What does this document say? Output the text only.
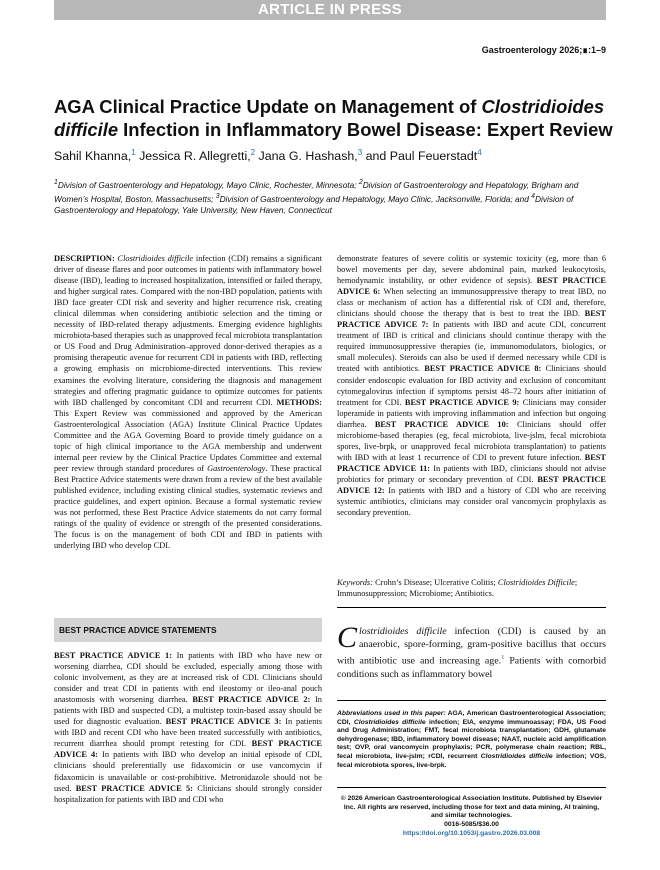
ARTICLE IN PRESS
Gastroenterology 2026;∎:1–9
AGA Clinical Practice Update on Management of Clostridioides
difficile Infection in Inflammatory Bowel Disease: Expert Review
Sahil Khanna,$^1$ Jessica R. Allegretti,$^2$ Jana G. Hashash,$^3$ and Paul Feuerstadt$^4$

$^1$Division of Gastroenterology and Hepatology, Mayo Clinic, Rochester, Minnesota; $^2$Division of Gastroenterology and Hepatology, Brigham and Women’s Hospital, Boston, Massachusetts; $^3$Division of Gastroenterology and Hepatology, Mayo Clinic, Jacksonville, Florida; and $^4$Division of Gastroenterology and Hepatology, Yale University, New Haven, Connecticut

DESCRIPTION: Clostridioides difficile infection (CDI) remains a significant driver of disease flares and poor outcomes in patients with inflammatory bowel disease (IBD), leading to increased hospitalization, intensified or failed therapy, and higher surgical rates. Compared with the non-IBD population, patients with IBD face greater CDI risk and severity and higher recurrence risk, creating clinical dilemmas when considering antibiotic selection and the timing or necessity of IBD-related therapy adjustments. Emerging evidence highlights microbiota-based therapies such as unapproved fecal microbiota transplantation or US Food and Drug Administration–approved donor-derived therapies as a promising therapeutic avenue for recurrent CDI in patients with IBD, reflecting a growing emphasis on microbiome-directed interventions. This review examines the evolving literature, considering the diagnosis and management strategies and offering pragmatic guidance to optimize outcomes for patients with IBD challenged by concomitant CDI and recurrent CDI. METHODS: This Expert Review was commissioned and approved by the American Gastroenterological Association (AGA) Institute Clinical Practice Updates Committee and the AGA Governing Board to provide timely guidance on a topic of high clinical importance to the AGA membership and underwent internal peer review by the Clinical Practice Updates Committee and external peer review through standard procedures of Gastroenterology. These practical Best Practice Advice statements were drawn from a review of the best available published evidence, including existing clinical studies, systematic reviews and practice guidelines, and expert opinion. Because a formal systematic review was not performed, these Best Practice Advice statements do not carry formal ratings of the quality of evidence or strength of the presented considerations. The focus is on the management of both CDI and IBD in patients with underlying IBD who develop CDI.

BEST PRACTICE ADVICE STATEMENTS

BEST PRACTICE ADVICE 1: In patients with IBD who have new or worsening diarrhea, CDI should be excluded, especially among those with colonic involvement, as they are at increased risk of CDI. Clinicians should consider and treat CDI in patients with end ileostomy or ileo-anal pouch anastomosis with worsening diarrhea. BEST PRACTICE ADVICE 2: In patients with IBD and suspected CDI, a multistep toxin-based assay should be used for diagnostic evaluation. BEST PRACTICE ADVICE 3: In patients with IBD and recent CDI who have been treated successfully with antibiotics, recurrent diarrhea should prompt retesting for CDI. BEST PRACTICE ADVICE 4: In patients with IBD who develop an initial episode of CDI, clinicians should preferentially use fidaxomicin or use vancomycin if fidaxomicin is unavailable or cost-prohibitive. Metronidazole should not be used. BEST PRACTICE ADVICE 5: Clinicians should strongly consider hospitalization for patients with IBD and CDI who

demonstrate features of severe colitis or systemic toxicity (eg, more than 6 bowel movements per day, severe abdominal pain, marked leukocytosis, hemodynamic instability, or other evidence of sepsis). BEST PRACTICE ADVICE 6: When selecting an immunosuppressive therapy to treat IBD, no class or mechanism of action has a differential risk of CDI and, therefore, clinicians should choose the therapy that is best to treat the IBD. BEST PRACTICE ADVICE 7: In patients with IBD and acute CDI, concurrent treatment of IBD is critical and clinicians should continue therapy with the required immunosuppressive therapies (ie, immunomodulators, biologics, or small molecules). Steroids can also be used if deemed necessary while CDI is treated with antibiotics. BEST PRACTICE ADVICE 8: Clinicians should consider endoscopic evaluation for IBD activity and exclusion of concomitant cytomegalovirus infection if symptoms persist 48–72 hours after initiation of treatment for CDI. BEST PRACTICE ADVICE 9: Clinicians may consider loperamide in patients with improving inflammation and infection but ongoing diarrhea. BEST PRACTICE ADVICE 10: Clinicians should offer microbiome-based therapies (eg, fecal microbiota, live-jslm, fecal microbiota spores, live-brpk, or unapproved fecal microbiota transplantation) to patients with IBD with at least 1 recurrence of CDI to prevent future infection. BEST PRACTICE ADVICE 11: In patients with IBD, clinicians should not advise probiotics for primary or secondary prevention of CDI. BEST PRACTICE ADVICE 12: In patients with IBD and a history of CDI who are receiving systemic antibiotics, clinicians may consider oral vancomycin prophylaxis as secondary prevention.

Keywords: Crohn’s Disease; Ulcerative Colitis; Clostridioides Difficile; Immunosuppression; Microbiome; Antibiotics.

Clostridioides difficile infection (CDI) is caused by an anaerobic, spore-forming, gram-positive bacillus that occurs with antibiotic use and increasing age.$^1$ Patients with comorbid conditions such as inflammatory bowel

Abbreviations used in this paper: AGA, American Gastroenterological Association; CDI, Clostridioides difficile infection; EIA, enzyme immunoassay; FDA, US Food and Drug Administration; FMT, fecal microbiota transplantation; GDH, glutamate dehydrogenase; IBD, inflammatory bowel disease; NAAT, nucleic acid amplification test; OVP, oral vancomycin prophylaxis; PCR, polymerase chain reaction; RBL, fecal microbiota, live-jslm; rCDI, recurrent Clostridioides difficile infection; VOS, fecal microbiota spores, live-brpk.

© 2026 American Gastroenterological Association Institute. Published by Elsevier Inc. All rights are reserved, including those for text and data mining, AI training, and similar technologies.
0016-5085/$36.00
https://doi.org/10.1053/j.gastro.2026.03.008
